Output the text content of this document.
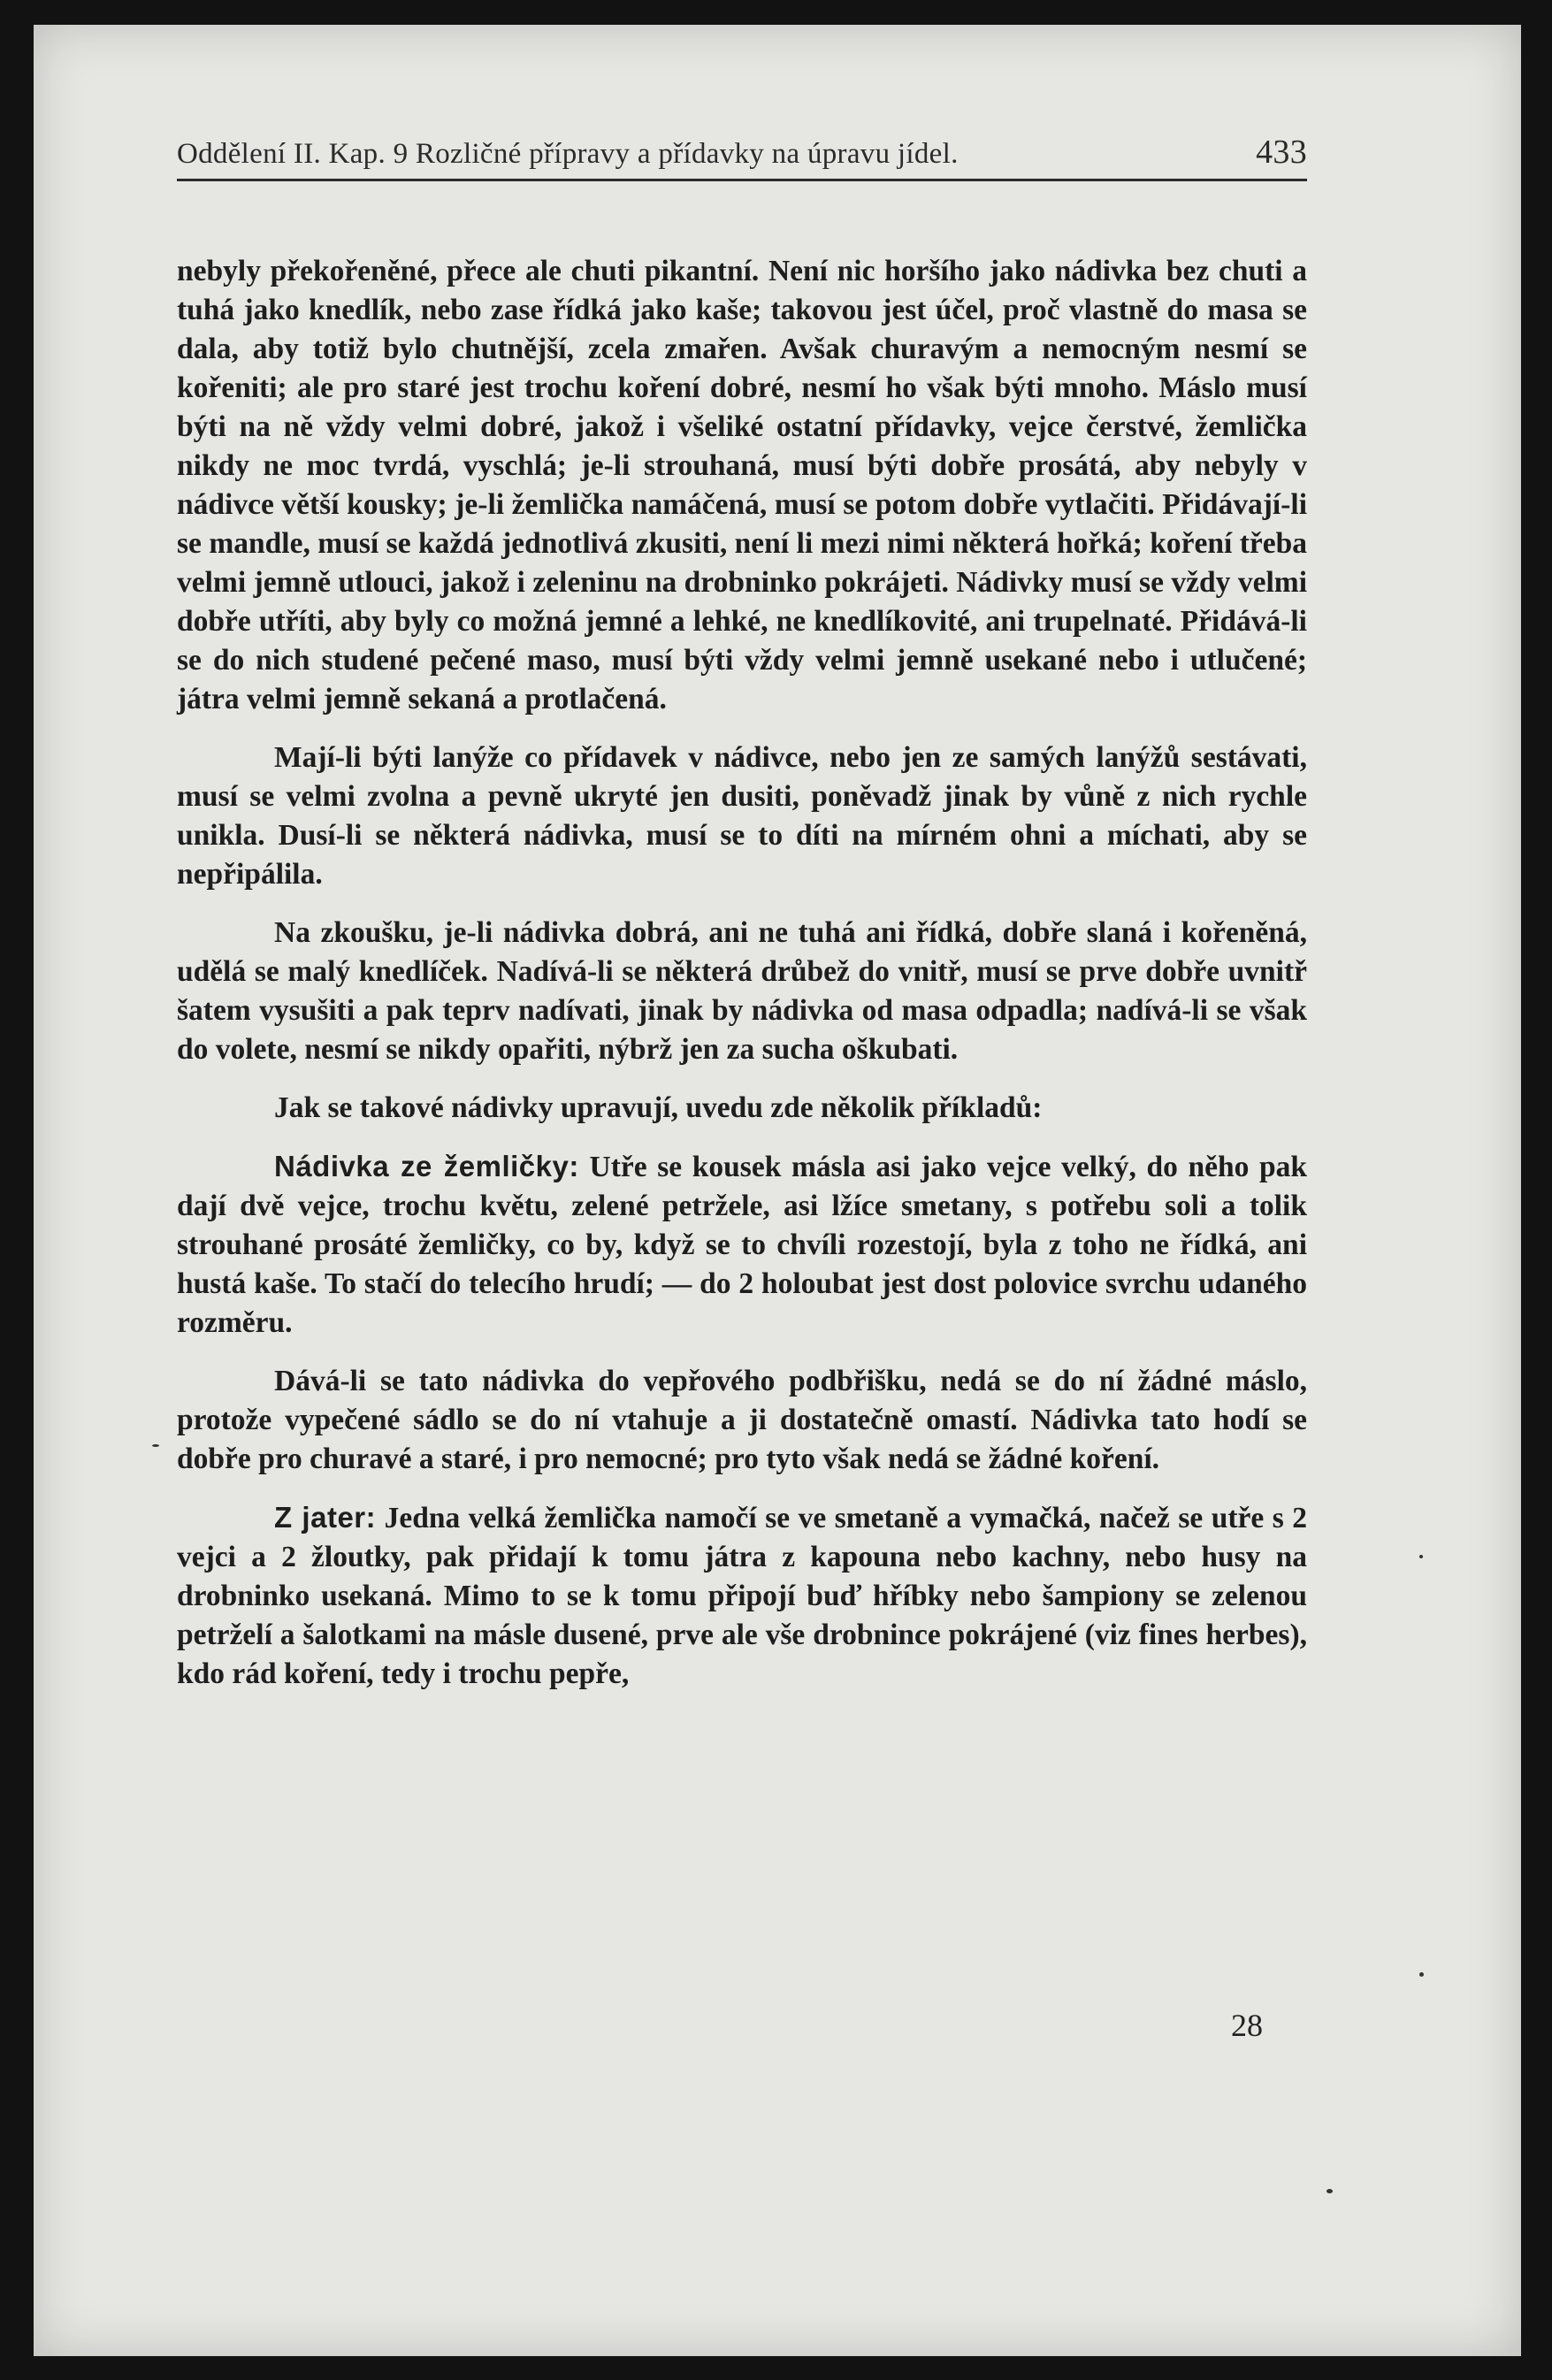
Oddělení II. Kap. 9 Rozličné přípravy a přídavky na úpravu jídel.	433

nebyly překořeněné, přece ale chuti pikantní. Není nic horšího jako nádivka bez chuti a tuhá jako knedlík, nebo zase řídká jako kaše; takovou jest účel, proč vlastně do masa se dala, aby totiž bylo chutnější, zcela zmařen. Avšak churavým a nemocným nesmí se kořeniti; ale pro staré jest trochu koření dobré, nesmí ho však býti mnoho. Máslo musí býti na ně vždy velmi dobré, jakož i všeliké ostatní přídavky, vejce čerstvé, žemlička nikdy ne moc tvrdá, vyschlá; je-li strouhaná, musí býti dobře prosátá, aby nebyly v nádivce větší kousky; je-li žemlička namáčená, musí se potom dobře vytlačiti. Přidávají-li se mandle, musí se každá jednotlivá zkusiti, není li mezi nimi některá hořká; koření třeba velmi jemně utlouci, jakož i zeleninu na drobninko pokrájeti. Nádivky musí se vždy velmi dobře utříti, aby byly co možná jemné a lehké, ne knedlíkovité, ani trupelnaté. Přidává-li se do nich studené pečené maso, musí býti vždy velmi jemně usekané nebo i utlučené; játra velmi jemně sekaná a protlačená.

Mají-li býti lanýže co přídavek v nádivce, nebo jen ze samých lanýžů sestávati, musí se velmi zvolna a pevně ukryté jen dusiti, poněvadž jinak by vůně z nich rychle unikla. Dusí-li se některá nádivka, musí se to díti na mírném ohni a míchati, aby se nepřipálila.

Na zkoušku, je-li nádivka dobrá, ani ne tuhá ani řídká, dobře slaná i kořeněná, udělá se malý knedlíček. Nadívá-li se některá drůbež do vnitř, musí se prve dobře uvnitř šatem vysušiti a pak teprv nadívati, jinak by nádivka od masa odpadla; nadívá-li se však do volete, nesmí se nikdy opařiti, nýbrž jen za sucha oškubati.

Jak se takové nádivky upravují, uvedu zde několik příkladů:

Nádivka ze žemličky: Utře se kousek másla asi jako vejce velký, do něho pak dají dvě vejce, trochu květu, zelené petržele, asi lžíce smetany, s potřebu soli a tolik strouhané prosáté žemličky, co by, když se to chvíli rozestojí, byla z toho ne řídká, ani hustá kaše. To stačí do telecího hrudí; — do 2 holoubat jest dost polovice svrchu udaného rozměru.

Dává-li se tato nádivka do vepřového podbřišku, nedá se do ní žádné máslo, protože vypečené sádlo se do ní vtahuje a ji dostatečně omastí. Nádivka tato hodí se dobře pro churavé a staré, i pro nemocné; pro tyto však nedá se žádné koření.

Z jater: Jedna velká žemlička namočí se ve smetaně a vymačká, načež se utře s 2 vejci a 2 žloutky, pak přidají k tomu játra z kapouna nebo kachny, nebo husy na drobninko usekaná. Mimo to se k tomu připojí buď hříbky nebo šampiony se zelenou petrželí a šalotkami na másle dusené, prve ale vše drobnince pokrájené (viz fines herbes), kdo rád koření, tedy i trochu pepře,

28
